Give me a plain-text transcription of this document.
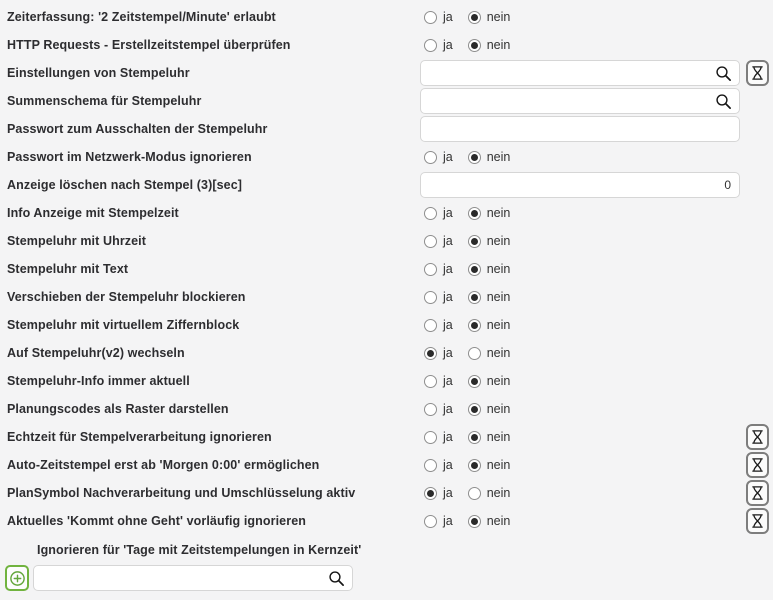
Zeiterfassung: '2 Zeitstempel/Minute' erlaubt	ja	nein
HTTP Requests - Erstellzeitstempel überprüfen	ja	nein
Einstellungen von Stempeluhr
Summenschema für Stempeluhr
Passwort zum Ausschalten der Stempeluhr
Passwort im Netzwerk-Modus ignorieren	ja	nein
Anzeige löschen nach Stempel (3)[sec]	0
Info Anzeige mit Stempelzeit	ja	nein
Stempeluhr mit Uhrzeit	ja	nein
Stempeluhr mit Text	ja	nein
Verschieben der Stempeluhr blockieren	ja	nein
Stempeluhr mit virtuellem Ziffernblock	ja	nein
Auf Stempeluhr(v2) wechseln	ja	nein
Stempeluhr-Info immer aktuell	ja	nein
Planungscodes als Raster darstellen	ja	nein
Echtzeit für Stempelverarbeitung ignorieren	ja	nein
Auto-Zeitstempel erst ab 'Morgen 0:00' ermöglichen	ja	nein
PlanSymbol Nachverarbeitung und Umschlüsselung aktiv	ja	nein
Aktuelles 'Kommt ohne Geht' vorläufig ignorieren	ja	nein
Ignorieren für 'Tage mit Zeitstempelungen in Kernzeit'
